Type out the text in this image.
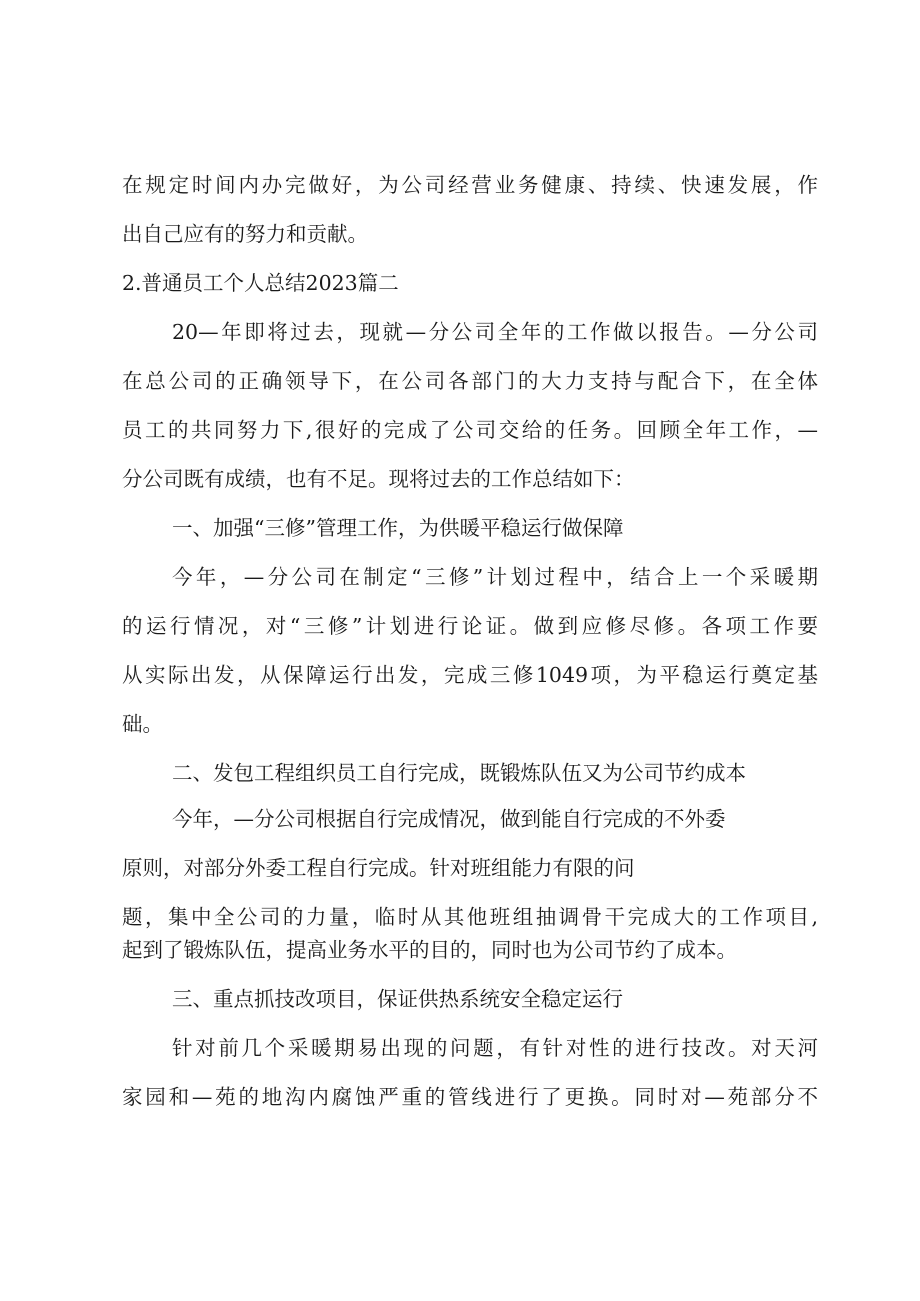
在规定时间内办完做好，为公司经营业务健康、持续、快速发展，作

出自己应有的努力和贡献。

2.普通员工个人总结2023篇二

20—年即将过去，现就—分公司全年的工作做以报告。—分公司

在总公司的正确领导下，在公司各部门的大力支持与配合下，在全体

员工的共同努力下,很好的完成了公司交给的任务。回顾全年工作，—

分公司既有成绩，也有不足。现将过去的工作总结如下：

一、加强“三修”管理工作，为供暖平稳运行做保障

今年，—分公司在制定“三修”计划过程中，结合上一个采暖期

的运行情况，对“三修”计划进行论证。做到应修尽修。各项工作要

从实际出发，从保障运行出发，完成三修1049项，为平稳运行奠定基

础。

二、发包工程组织员工自行完成，既锻炼队伍又为公司节约成本

今年，—分公司根据自行完成情况，做到能自行完成的不外委

原则，对部分外委工程自行完成。针对班组能力有限的问

题，集中全公司的力量，临时从其他班组抽调骨干完成大的工作项目,

起到了锻炼队伍，提高业务水平的目的，同时也为公司节约了成本。

三、重点抓技改项目，保证供热系统安全稳定运行

针对前几个采暖期易出现的问题，有针对性的进行技改。对天河

家园和—苑的地沟内腐蚀严重的管线进行了更换。同时对—苑部分不
